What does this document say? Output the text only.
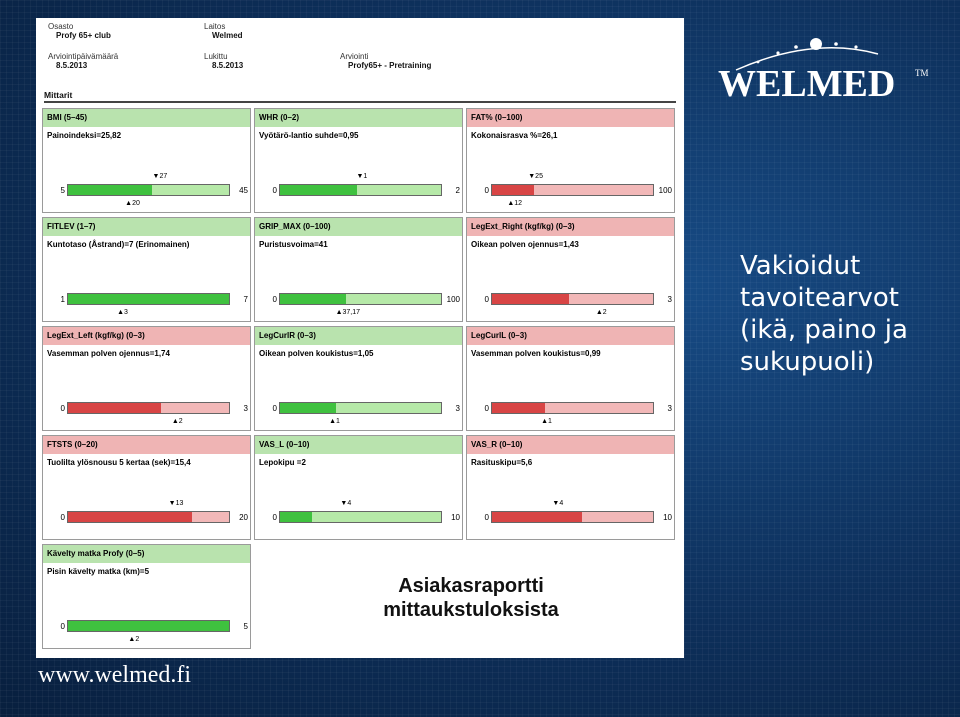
Osasto
Profy 65+ club
Laitos
Welmed
Arviointipäivämäärä
8.5.2013
Lukittu
8.5.2013
Arviointi
Profy65+ - Pretraining
Mittarit
BMI (5–45)
Painoindeksi=25,82
5
▲20
▼27
45
WHR (0–2)
Vyötärö-lantio suhde=0,95
0
▼1
2
FAT% (0–100)
Kokonaisrasva %=26,1
0
▲12
▼25
100
FITLEV (1–7)
Kuntotaso (Åstrand)=7 (Erinomainen)
1
▲3
7
GRIP_MAX (0–100)
Puristusvoima=41
0
▲37,17
100
LegExt_Right (kgf/kg) (0–3)
Oikean polven ojennus=1,43
0
▲2
3
LegExt_Left (kgf/kg) (0–3)
Vasemman polven ojennus=1,74
0
▲2
3
LegCurlR (0–3)
Oikean polven koukistus=1,05
0
▲1
3
LegCurlL (0–3)
Vasemman polven koukistus=0,99
0
▲1
3
FTSTS (0–20)
Tuolilta ylösnousu 5 kertaa (sek)=15,4
0
▼13
20
VAS_L (0–10)
Lepokipu =2
0
▼4
10
VAS_R (0–10)
Rasituskipu=5,6
0
▼4
10
Kävelty matka Profy (0–5)
Pisin kävelty matka (km)=5
0
▲2
5
Asiakasraportti
mittaukstuloksista
WELMED TM
Vakioidut
tavoitearvot
(ikä, paino ja
sukupuoli)
www.welmed.fi
